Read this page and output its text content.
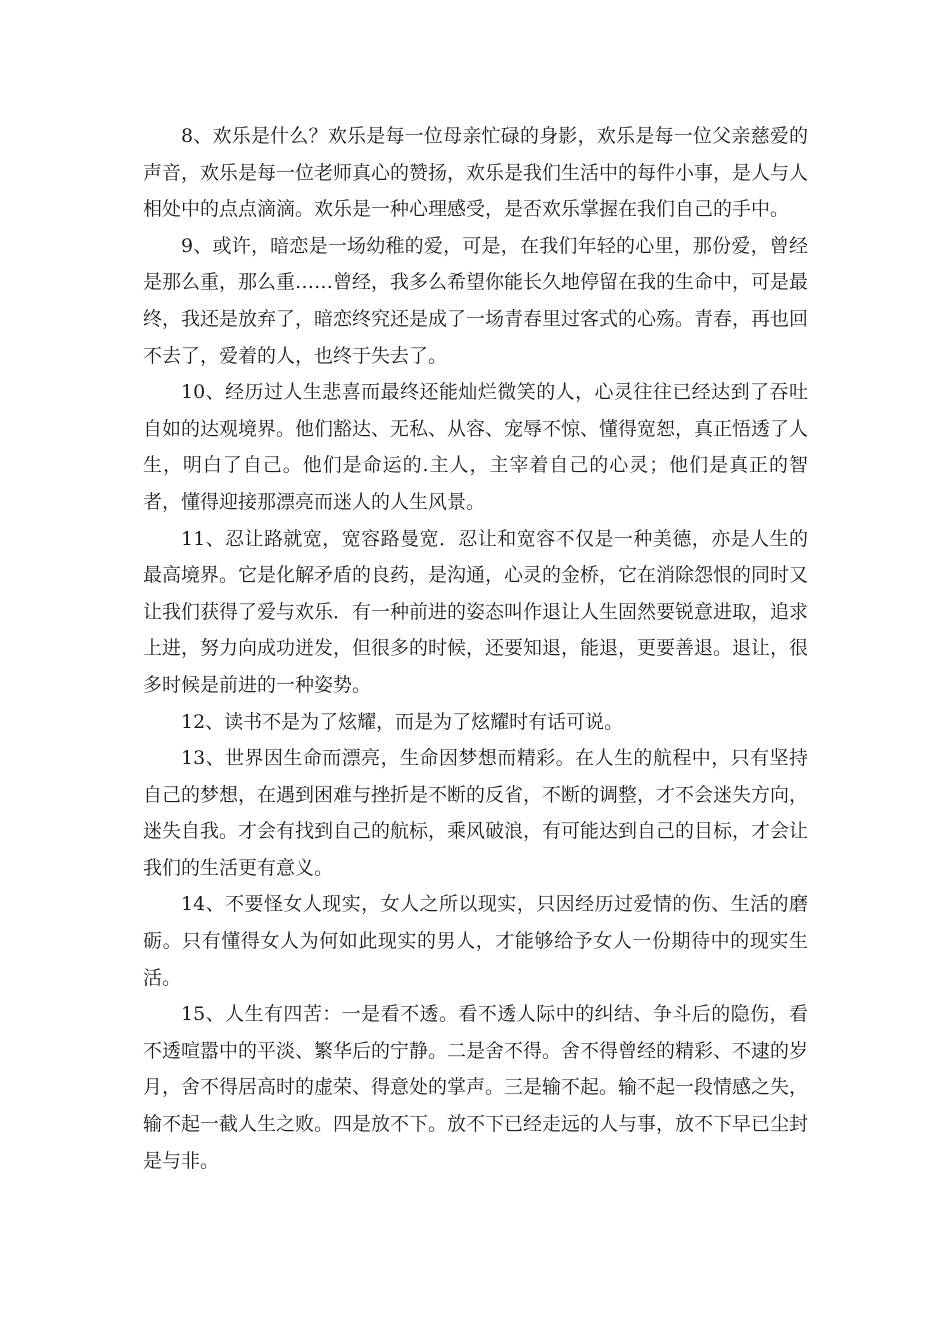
8、欢乐是什么？欢乐是每一位母亲忙碌的身影，欢乐是每一位父亲慈爱的声音，欢乐是每一位老师真心的赞扬，欢乐是我们生活中的每件小事，是人与人相处中的点点滴滴。欢乐是一种心理感受，是否欢乐掌握在我们自己的手中。

9、或许，暗恋是一场幼稚的爱，可是，在我们年轻的心里，那份爱，曾经是那么重，那么重……曾经，我多么希望你能长久地停留在我的生命中，可是最终，我还是放弃了，暗恋终究还是成了一场青春里过客式的心殇。青春，再也回不去了，爱着的人，也终于失去了。

10、经历过人生悲喜而最终还能灿烂微笑的人，心灵往往已经达到了吞吐自如的达观境界。他们豁达、无私、从容、宠辱不惊、懂得宽恕，真正悟透了人生，明白了自己。他们是命运的.主人，主宰着自己的心灵；他们是真正的智者，懂得迎接那漂亮而迷人的人生风景。

11、忍让路就宽，宽容路曼宽．忍让和宽容不仅是一种美德，亦是人生的最高境界。它是化解矛盾的良药，是沟通，心灵的金桥，它在消除怨恨的同时又让我们获得了爱与欢乐．有一种前进的姿态叫作退让人生固然要锐意进取，追求上进，努力向成功迸发，但很多的时候，还要知退，能退，更要善退。退让，很多时候是前进的一种姿势。

12、读书不是为了炫耀，而是为了炫耀时有话可说。

13、世界因生命而漂亮，生命因梦想而精彩。在人生的航程中，只有坚持自己的梦想，在遇到困难与挫折是不断的反省，不断的调整，才不会迷失方向，迷失自我。才会有找到自己的航标，乘风破浪，有可能达到自己的目标，才会让我们的生活更有意义。

14、不要怪女人现实，女人之所以现实，只因经历过爱情的伤、生活的磨砺。只有懂得女人为何如此现实的男人，才能够给予女人一份期待中的现实生活。

15、人生有四苦：一是看不透。看不透人际中的纠结、争斗后的隐伤，看不透喧嚣中的平淡、繁华后的宁静。二是舍不得。舍不得曾经的精彩、不逮的岁月，舍不得居高时的虚荣、得意处的掌声。三是输不起。输不起一段情感之失，输不起一截人生之败。四是放不下。放不下已经走远的人与事，放不下早已尘封是与非。
